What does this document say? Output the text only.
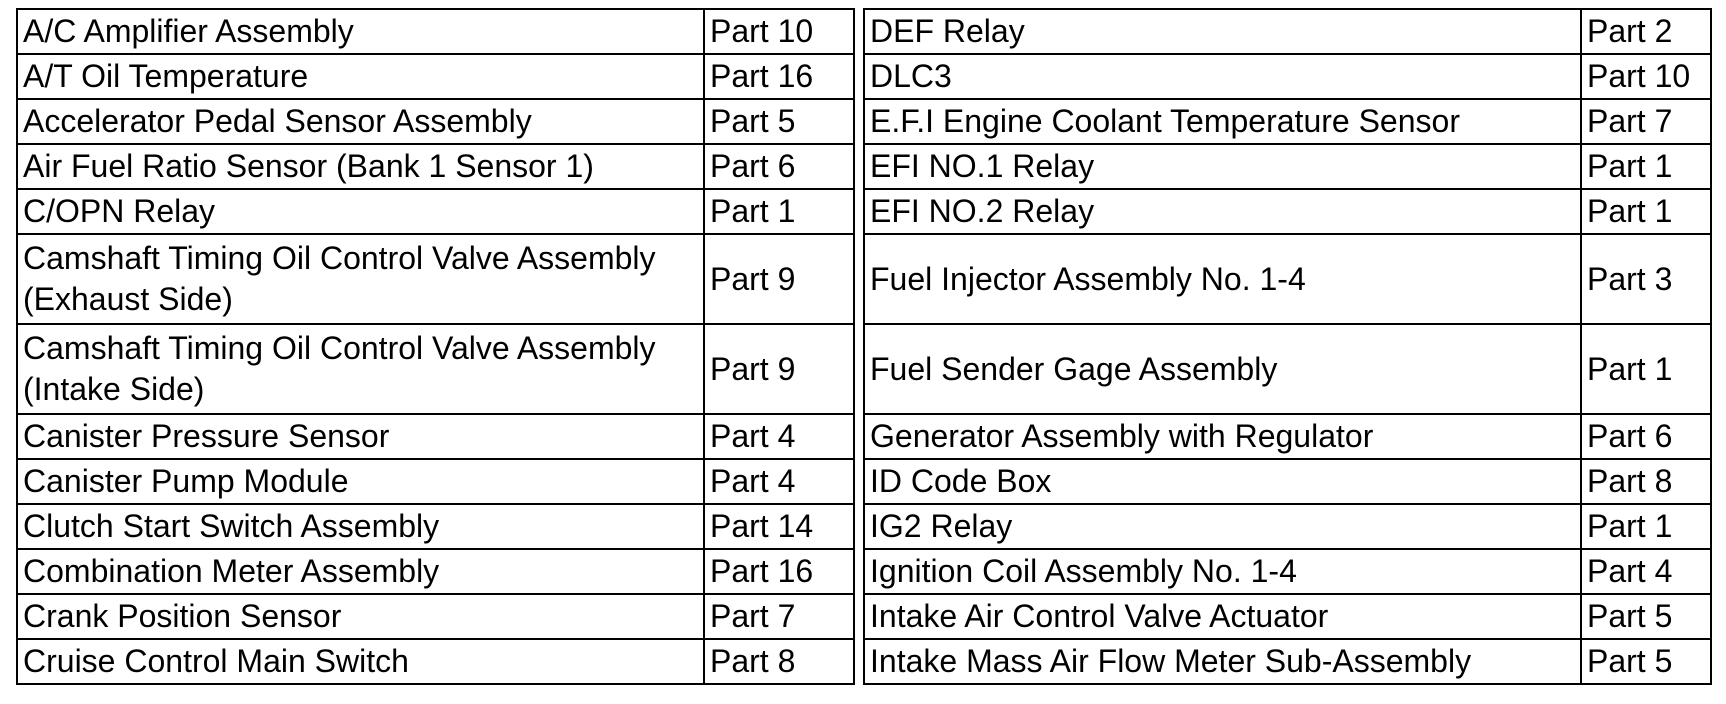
A/C Amplifier Assembly	Part 10
A/T Oil Temperature	Part 16
Accelerator Pedal Sensor Assembly	Part 5
Air Fuel Ratio Sensor (Bank 1 Sensor 1)	Part 6
C/OPN Relay	Part 1
Camshaft Timing Oil Control Valve Assembly (Exhaust Side)	Part 9
Camshaft Timing Oil Control Valve Assembly (Intake Side)	Part 9
Canister Pressure Sensor	Part 4
Canister Pump Module	Part 4
Clutch Start Switch Assembly	Part 14
Combination Meter Assembly	Part 16
Crank Position Sensor	Part 7
Cruise Control Main Switch	Part 8
DEF Relay	Part 2
DLC3	Part 10
E.F.I Engine Coolant Temperature Sensor	Part 7
EFI NO.1 Relay	Part 1
EFI NO.2 Relay	Part 1
Fuel Injector Assembly No. 1-4	Part 3
Fuel Sender Gage Assembly	Part 1
Generator Assembly with Regulator	Part 6
ID Code Box	Part 8
IG2 Relay	Part 1
Ignition Coil Assembly No. 1-4	Part 4
Intake Air Control Valve Actuator	Part 5
Intake Mass Air Flow Meter Sub-Assembly	Part 5
